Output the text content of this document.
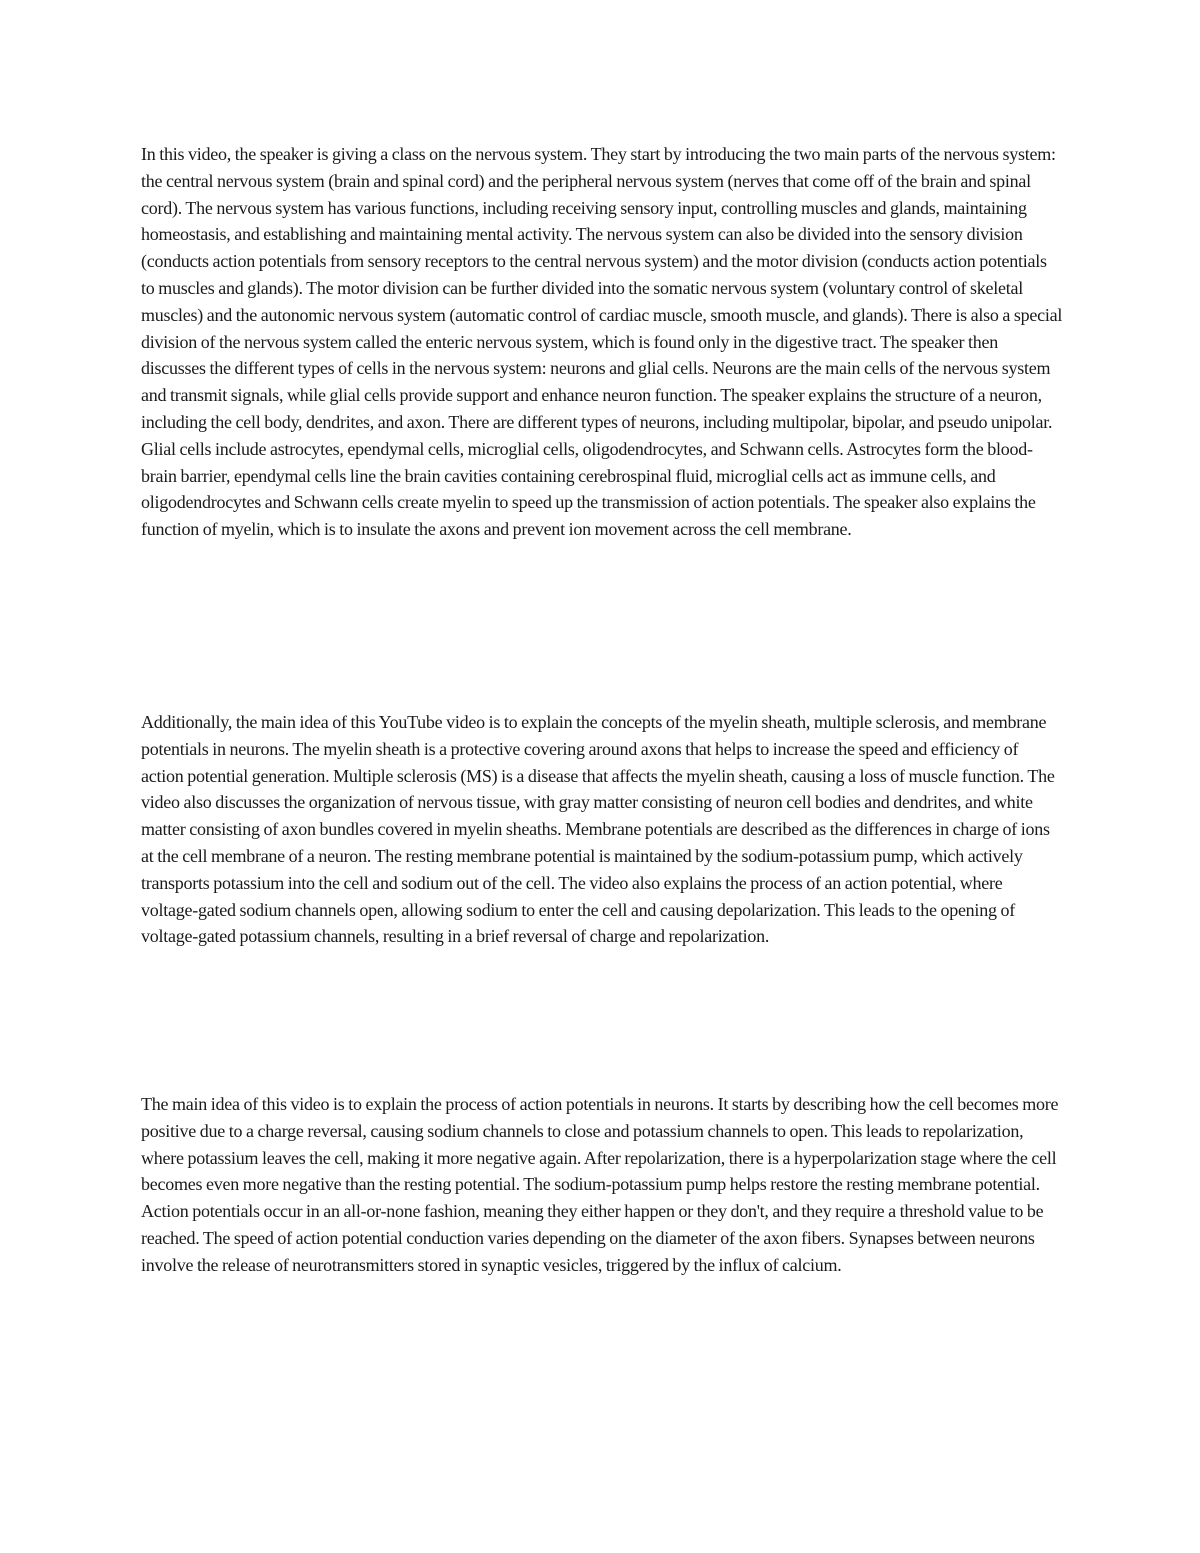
In this video, the speaker is giving a class on the nervous system. They start by introducing the two main parts of the nervous system: the central nervous system (brain and spinal cord) and the peripheral nervous system (nerves that come off of the brain and spinal cord). The nervous system has various functions, including receiving sensory input, controlling muscles and glands, maintaining homeostasis, and establishing and maintaining mental activity. The nervous system can also be divided into the sensory division (conducts action potentials from sensory receptors to the central nervous system) and the motor division (conducts action potentials to muscles and glands). The motor division can be further divided into the somatic nervous system (voluntary control of skeletal muscles) and the autonomic nervous system (automatic control of cardiac muscle, smooth muscle, and glands). There is also a special division of the nervous system called the enteric nervous system, which is found only in the digestive tract. The speaker then discusses the different types of cells in the nervous system: neurons and glial cells. Neurons are the main cells of the nervous system and transmit signals, while glial cells provide support and enhance neuron function. The speaker explains the structure of a neuron, including the cell body, dendrites, and axon. There are different types of neurons, including multipolar, bipolar, and pseudo unipolar. Glial cells include astrocytes, ependymal cells, microglial cells, oligodendrocytes, and Schwann cells. Astrocytes form the blood-brain barrier, ependymal cells line the brain cavities containing cerebrospinal fluid, microglial cells act as immune cells, and oligodendrocytes and Schwann cells create myelin to speed up the transmission of action potentials. The speaker also explains the function of myelin, which is to insulate the axons and prevent ion movement across the cell membrane.

Additionally, the main idea of this YouTube video is to explain the concepts of the myelin sheath, multiple sclerosis, and membrane potentials in neurons. The myelin sheath is a protective covering around axons that helps to increase the speed and efficiency of action potential generation. Multiple sclerosis (MS) is a disease that affects the myelin sheath, causing a loss of muscle function. The video also discusses the organization of nervous tissue, with gray matter consisting of neuron cell bodies and dendrites, and white matter consisting of axon bundles covered in myelin sheaths. Membrane potentials are described as the differences in charge of ions at the cell membrane of a neuron. The resting membrane potential is maintained by the sodium-potassium pump, which actively transports potassium into the cell and sodium out of the cell. The video also explains the process of an action potential, where voltage-gated sodium channels open, allowing sodium to enter the cell and causing depolarization. This leads to the opening of voltage-gated potassium channels, resulting in a brief reversal of charge and repolarization.

The main idea of this video is to explain the process of action potentials in neurons. It starts by describing how the cell becomes more positive due to a charge reversal, causing sodium channels to close and potassium channels to open. This leads to repolarization, where potassium leaves the cell, making it more negative again. After repolarization, there is a hyperpolarization stage where the cell becomes even more negative than the resting potential. The sodium-potassium pump helps restore the resting membrane potential. Action potentials occur in an all-or-none fashion, meaning they either happen or they don't, and they require a threshold value to be reached. The speed of action potential conduction varies depending on the diameter of the axon fibers. Synapses between neurons involve the release of neurotransmitters stored in synaptic vesicles, triggered by the influx of calcium.
